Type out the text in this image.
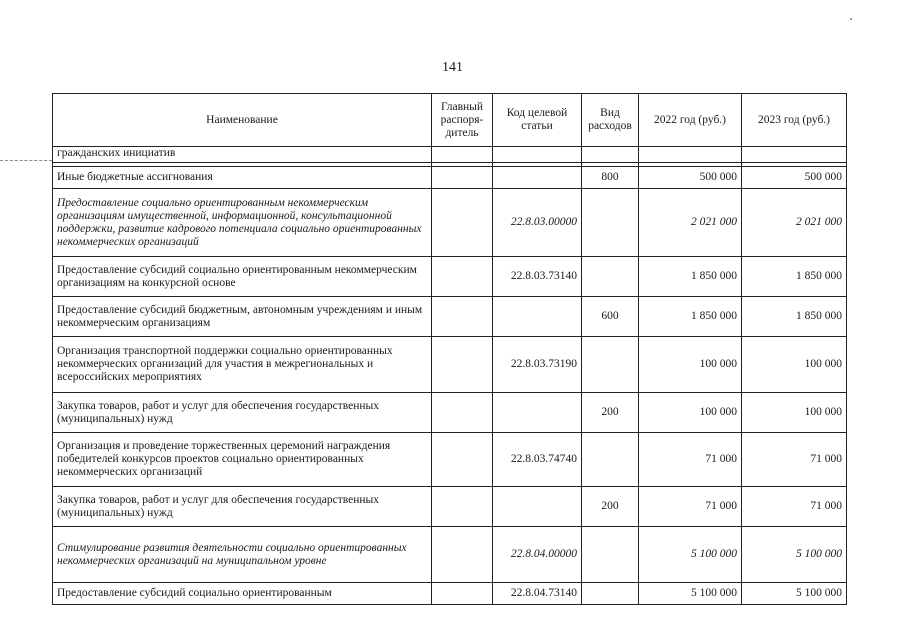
141
Наименование	Главный распоря-дитель	Код целевой статьи	Вид расходов	2022 год (руб.)	2023 год (руб.)
гражданских инициатив					

Иные бюджетные ассигнования			800	500 000	500 000
Предоставление социально ориентированным некоммерческим организациям имущественной, информационной, консультационной поддержки, развитие кадрового потенциала социально ориентированных некоммерческих организаций		22.8.03.00000		2 021 000	2 021 000
Предоставление субсидий социально ориентированным некоммерческим организациям на конкурсной основе		22.8.03.73140		1 850 000	1 850 000
Предоставление субсидий бюджетным, автономным учреждениям и иным некоммерческим организациям			600	1 850 000	1 850 000
Организация транспортной поддержки социально ориентированных некоммерческих организаций для участия в межрегиональных и всероссийских мероприятиях		22.8.03.73190		100 000	100 000
Закупка товаров, работ и услуг для обеспечения государственных (муниципальных) нужд			200	100 000	100 000
Организация и проведение торжественных церемоний награждения победителей конкурсов проектов социально ориентированных некоммерческих организаций		22.8.03.74740		71 000	71 000
Закупка товаров, работ и услуг для обеспечения государственных (муниципальных) нужд			200	71 000	71 000
Стимулирование развития деятельности социально ориентированных некоммерческих организаций на муниципальном уровне		22.8.04.00000		5 100 000	5 100 000
Предоставление субсидий социально ориентированным		22.8.04.73140		5 100 000	5 100 000
